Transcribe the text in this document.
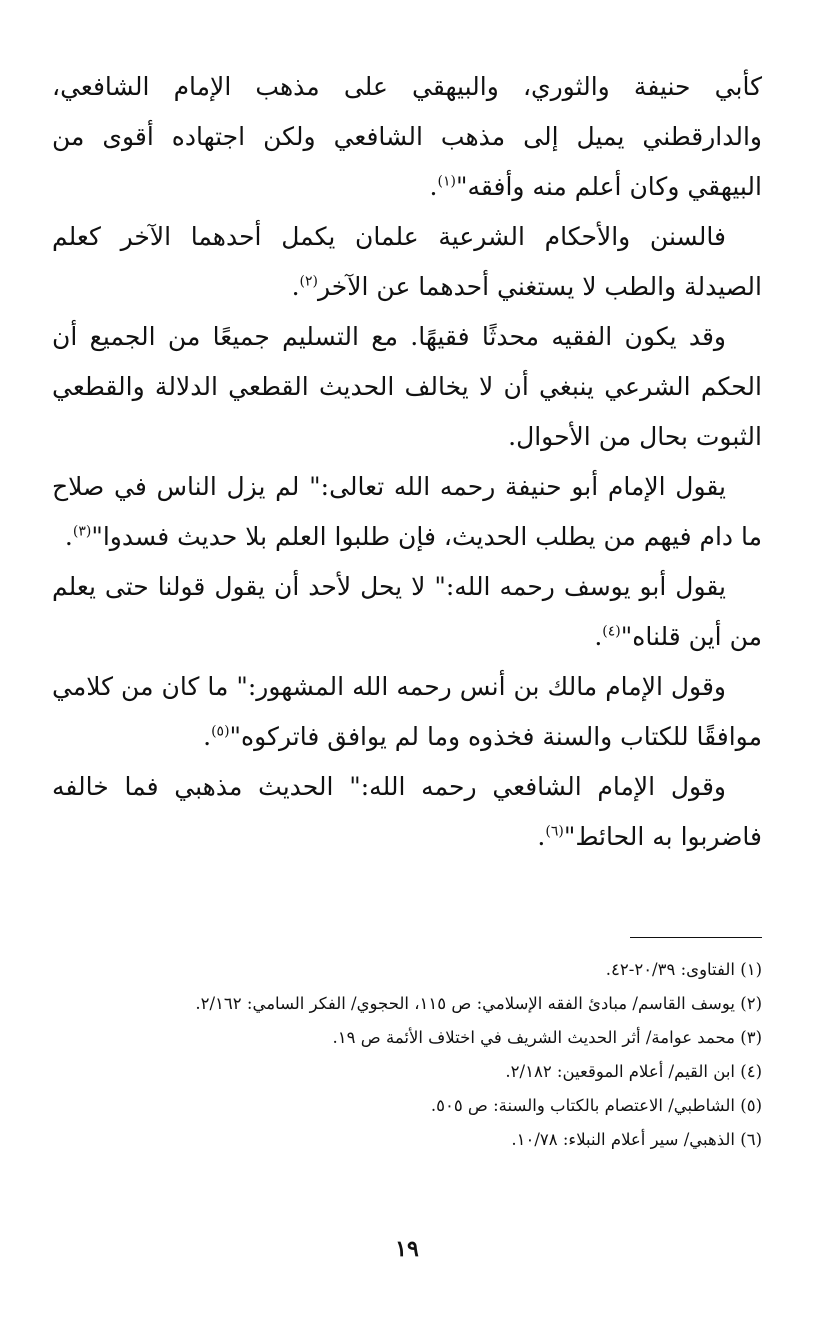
كأبي حنيفة والثوري، والبيهقي على مذهب الإمام الشافعي، والدارقطني يميل إلى مذهب الشافعي ولكن اجتهاده أقوى من البيهقي وكان أعلم منه وأفقه"$^{(١)}$.

فالسنن والأحكام الشرعية علمان يكمل أحدهما الآخر كعلم الصيدلة والطب لا يستغني أحدهما عن الآخر$^{(٢)}$.

وقد يكون الفقيه محدثًا فقيهًا. مع التسليم جميعًا من الجميع أن الحكم الشرعي ينبغي أن لا يخالف الحديث القطعي الدلالة والقطعي الثبوت بحال من الأحوال.

يقول الإمام أبو حنيفة رحمه الله تعالى:" لم يزل الناس في صلاح ما دام فيهم من يطلب الحديث، فإن طلبوا العلم بلا حديث فسدوا"$^{(٣)}$.

يقول أبو يوسف رحمه الله:" لا يحل لأحد أن يقول قولنا حتى يعلم من أين قلناه"$^{(٤)}$.

وقول الإمام مالك بن أنس رحمه الله المشهور:" ما كان من كلامي موافقًا للكتاب والسنة فخذوه وما لم يوافق فاتركوه"$^{(٥)}$.

وقول الإمام الشافعي رحمه الله:" الحديث مذهبي فما خالفه فاضربوا به الحائط"$^{(٦)}$.

(١) الفتاوى: ٢٠/٣٩-٤٢.
(٢) يوسف القاسم/ مبادئ الفقه الإسلامي: ص ١١٥، الحجوي/ الفكر السامي: ٢/١٦٢.
(٣) محمد عوامة/ أثر الحديث الشريف في اختلاف الأئمة ص ١٩.
(٤) ابن القيم/ أعلام الموقعين: ٢/١٨٢.
(٥) الشاطبي/ الاعتصام بالكتاب والسنة: ص ٥٠٥.
(٦) الذهبي/ سير أعلام النبلاء: ١٠/٧٨.
١٩
